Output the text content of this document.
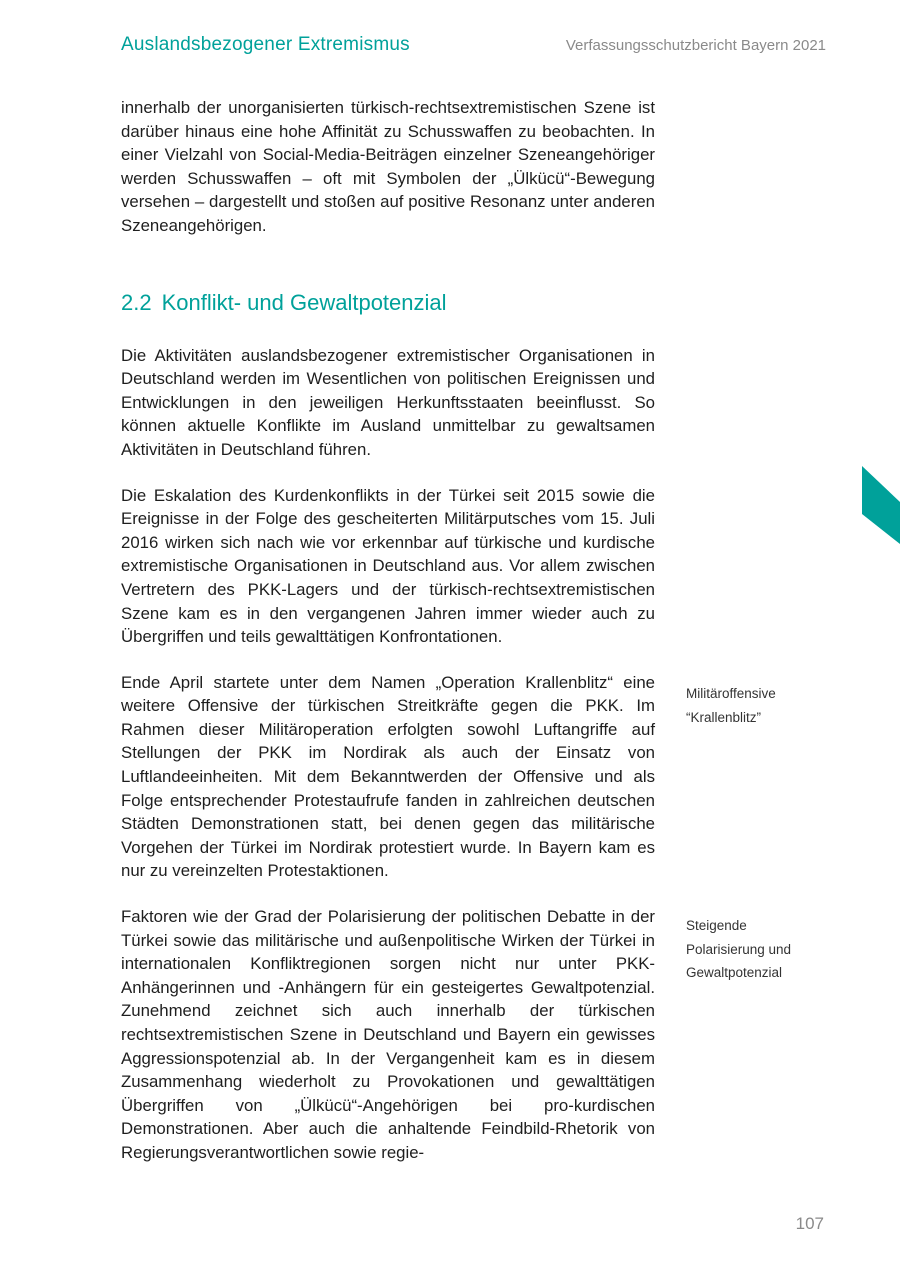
Auslandsbezogener Extremismus	Verfassungsschutzbericht Bayern 2021

innerhalb der unorganisierten türkisch-rechtsextremistischen Szene ist darüber hinaus eine hohe Affinität zu Schusswaffen zu beobachten. In einer Vielzahl von Social-Media-Beiträgen einzelner Szeneangehöriger werden Schusswaffen – oft mit Symbolen der „Ülkücü“-Bewegung versehen – dargestellt und stoßen auf positive Resonanz unter anderen Szeneangehörigen.

2.2 Konflikt- und Gewaltpotenzial

Die Aktivitäten auslandsbezogener extremistischer Organisationen in Deutschland werden im Wesentlichen von politischen Ereignissen und Entwicklungen in den jeweiligen Herkunftsstaaten beeinflusst. So können aktuelle Konflikte im Ausland unmittelbar zu gewaltsamen Aktivitäten in Deutschland führen.

Die Eskalation des Kurdenkonflikts in der Türkei seit 2015 sowie die Ereignisse in der Folge des gescheiterten Militärputsches vom 15. Juli 2016 wirken sich nach wie vor erkennbar auf türkische und kurdische extremistische Organisationen in Deutschland aus. Vor allem zwischen Vertretern des PKK-Lagers und der türkisch-rechtsextremistischen Szene kam es in den vergangenen Jahren immer wieder auch zu Übergriffen und teils gewalttätigen Konfrontationen.

Ende April startete unter dem Namen „Operation Krallenblitz“ eine weitere Offensive der türkischen Streitkräfte gegen die PKK. Im Rahmen dieser Militäroperation erfolgten sowohl Luftangriffe auf Stellungen der PKK im Nordirak als auch der Einsatz von Luftlandeeinheiten. Mit dem Bekanntwerden der Offensive und als Folge entsprechender Protestaufrufe fanden in zahlreichen deutschen Städten Demonstrationen statt, bei denen gegen das militärische Vorgehen der Türkei im Nordirak protestiert wurde. In Bayern kam es nur zu vereinzelten Protestaktionen.

Faktoren wie der Grad der Polarisierung der politischen Debatte in der Türkei sowie das militärische und außenpolitische Wirken der Türkei in internationalen Konfliktregionen sorgen nicht nur unter PKK-Anhängerinnen und -Anhängern für ein gesteigertes Gewaltpotenzial. Zunehmend zeichnet sich auch innerhalb der türkischen rechtsextremistischen Szene in Deutschland und Bayern ein gewisses Aggressionspotenzial ab. In der Vergangenheit kam es in diesem Zusammenhang wiederholt zu Provokationen und gewalttätigen Übergriffen von „Ülkücü“-Angehörigen bei pro-kurdischen Demonstrationen. Aber auch die anhaltende Feindbild-Rhetorik von Regierungsverantwortlichen sowie regie-

Militäroffensive
“Krallenblitz”
Steigende
Polarisierung und
Gewaltpotenzial
107
